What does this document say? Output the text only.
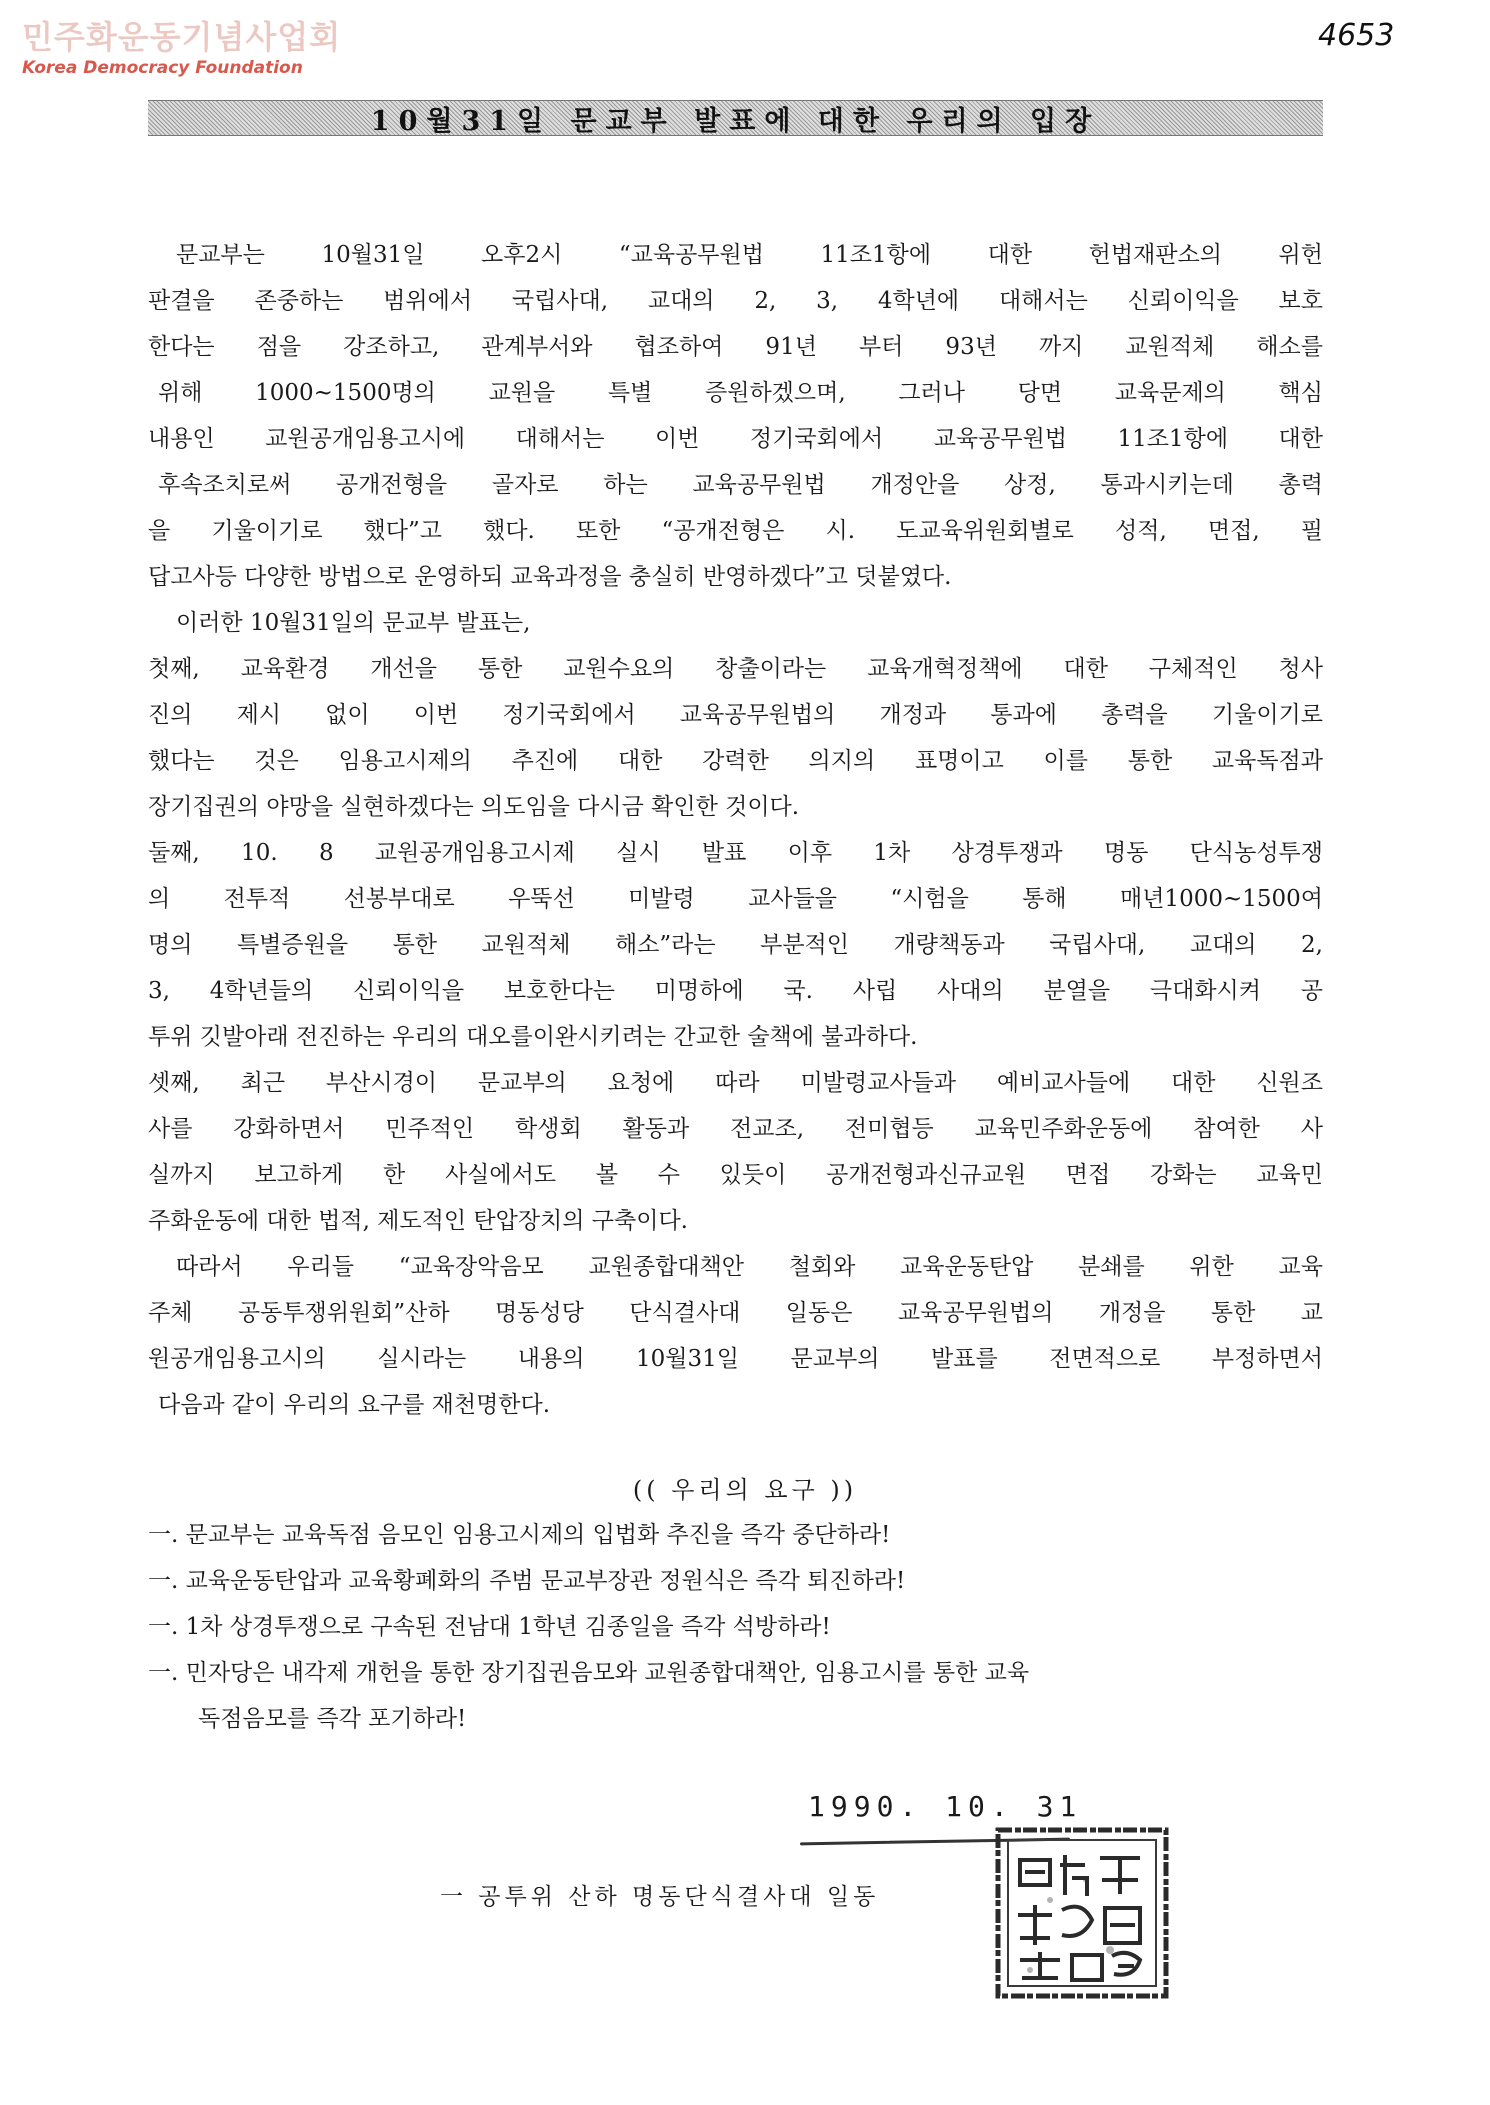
민주화운동기념사업회
Korea Democracy Foundation
4653
10월31일 문교부 발표에 대한 우리의 입장
문교부는 10월31일 오후2시 “교육공무원법 11조1항에 대한 헌법재판소의 위헌
판결을 존중하는 범위에서 국립사대, 교대의 2, 3, 4학년에 대해서는 신뢰이익을 보호
한다는 점을 강조하고, 관계부서와 협조하여 91년 부터 93년 까지 교원적체 해소를
위해 1000~1500명의 교원을 특별 증원하겠으며, 그러나 당면 교육문제의 핵심
내용인 교원공개임용고시에 대해서는 이번 정기국회에서 교육공무원법 11조1항에 대한
후속조치로써 공개전형을 골자로 하는 교육공무원법 개정안을 상정, 통과시키는데 총력
을 기울이기로 했다”고 했다. 또한 “공개전형은 시. 도교육위원회별로 성적, 면접, 필
답고사등 다양한 방법으로 운영하되 교육과정을 충실히 반영하겠다”고 덧붙였다.
이러한 10월31일의 문교부 발표는,
첫째, 교육환경 개선을 통한 교원수요의 창출이라는 교육개혁정책에 대한 구체적인 청사
진의 제시 없이 이번 정기국회에서 교육공무원법의 개정과 통과에 총력을 기울이기로
했다는 것은 임용고시제의 추진에 대한 강력한 의지의 표명이고 이를 통한 교육독점과
장기집권의 야망을 실현하겠다는 의도임을 다시금 확인한 것이다.
둘째, 10. 8 교원공개임용고시제 실시 발표 이후 1차 상경투쟁과 명동 단식농성투쟁
의 전투적 선봉부대로 우뚝선 미발령 교사들을 “시험을 통해 매년1000~1500여
명의 특별증원을 통한 교원적체 해소”라는 부분적인 개량책동과 국립사대, 교대의 2,
3, 4학년들의 신뢰이익을 보호한다는 미명하에 국. 사립 사대의 분열을 극대화시켜 공
투위 깃발아래 전진하는 우리의 대오를이완시키려는 간교한 술책에 불과하다.
셋째, 최근 부산시경이 문교부의 요청에 따라 미발령교사들과 예비교사들에 대한 신원조
사를 강화하면서 민주적인 학생회 활동과 전교조, 전미협등 교육민주화운동에 참여한 사
실까지 보고하게 한 사실에서도 볼 수 있듯이 공개전형과신규교원 면접 강화는 교육민
주화운동에 대한 법적, 제도적인 탄압장치의 구축이다.
따라서 우리들 “교육장악음모 교원종합대책안 철회와 교육운동탄압 분쇄를 위한 교육
주체 공동투쟁위원회”산하 명동성당 단식결사대 일동은 교육공무원법의 개정을 통한 교
원공개임용고시의 실시라는 내용의 10월31일 문교부의 발표를 전면적으로 부정하면서
다음과 같이 우리의 요구를 재천명한다.
(( 우리의 요구 ))
一. 문교부는 교육독점 음모인 임용고시제의 입법화 추진을 즉각 중단하라!
一. 교육운동탄압과 교육황폐화의 주범 문교부장관 정원식은 즉각 퇴진하라!
一. 1차 상경투쟁으로 구속된 전남대 1학년 김종일을 즉각 석방하라!
一. 민자당은 내각제 개헌을 통한 장기집권음모와 교원종합대책안, 임용고시를 통한 교육
독점음모를 즉각 포기하라!
1990. 10. 31
一 공투위 산하 명동단식결사대 일동
